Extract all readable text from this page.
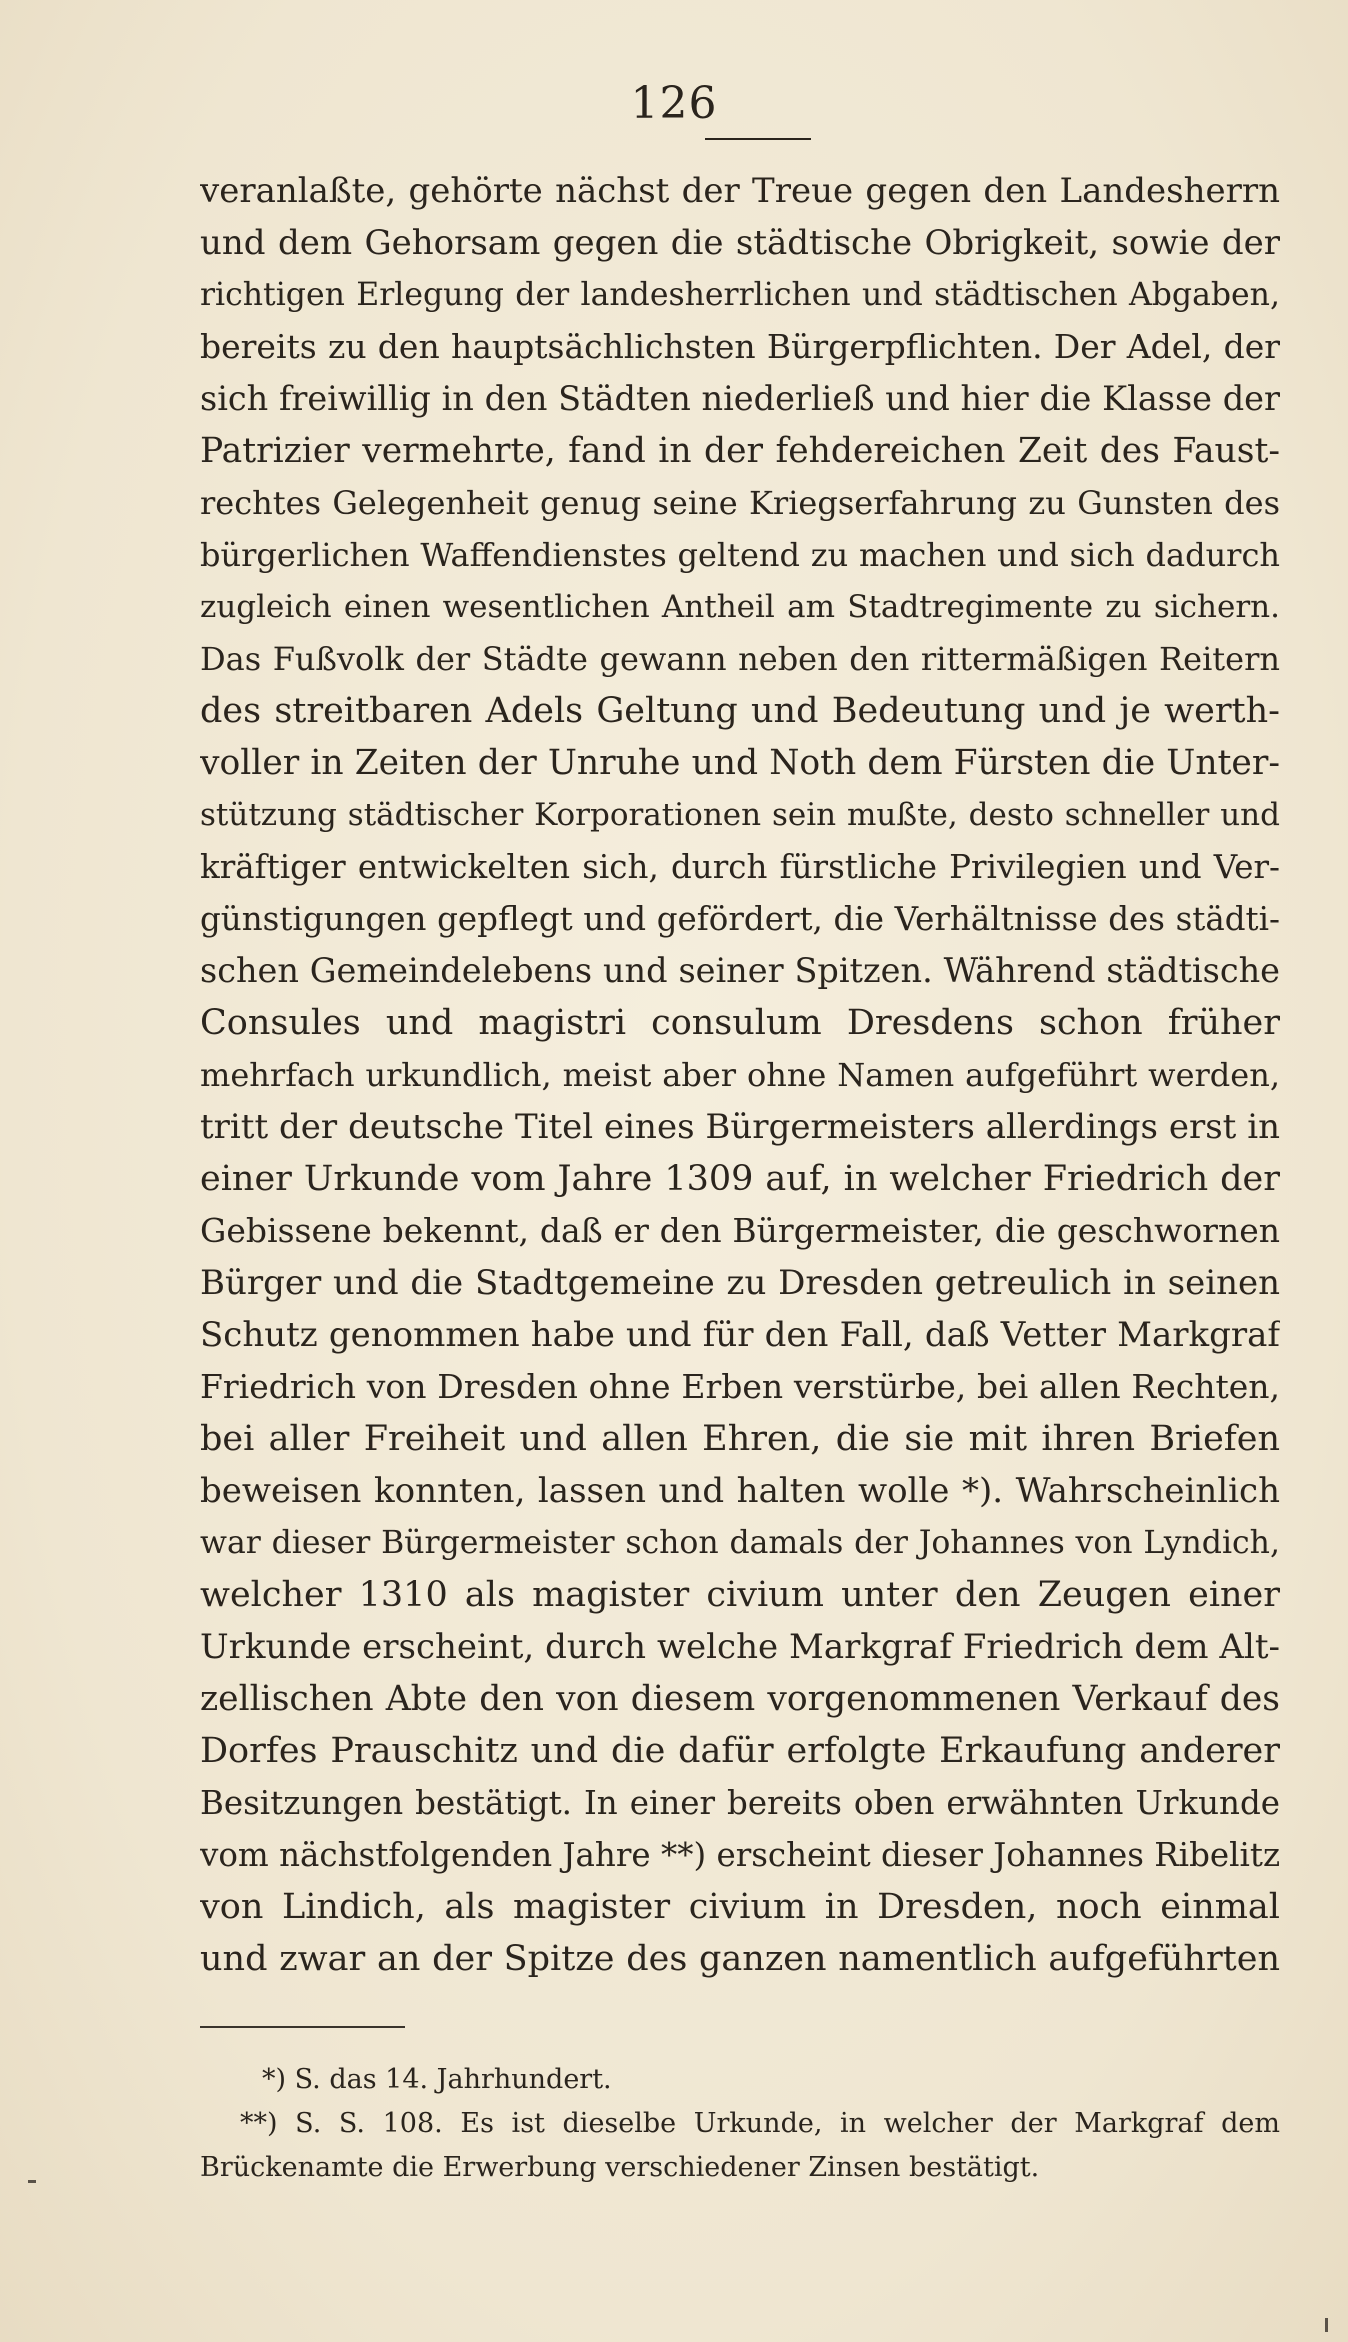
126
veranlaßte, gehörte nächst der Treue gegen den Landesherrn
und dem Gehorsam gegen die städtische Obrigkeit, sowie der
richtigen Erlegung der landesherrlichen und städtischen Abgaben,
bereits zu den hauptsächlichsten Bürgerpflichten. Der Adel, der
sich freiwillig in den Städten niederließ und hier die Klasse der
Patrizier vermehrte, fand in der fehdereichen Zeit des Faust-
rechtes Gelegenheit genug seine Kriegserfahrung zu Gunsten des
bürgerlichen Waffendienstes geltend zu machen und sich dadurch
zugleich einen wesentlichen Antheil am Stadtregimente zu sichern.
Das Fußvolk der Städte gewann neben den rittermäßigen Reitern
des streitbaren Adels Geltung und Bedeutung und je werth-
voller in Zeiten der Unruhe und Noth dem Fürsten die Unter-
stützung städtischer Korporationen sein mußte, desto schneller und
kräftiger entwickelten sich, durch fürstliche Privilegien und Ver-
günstigungen gepflegt und gefördert, die Verhältnisse des städti-
schen Gemeindelebens und seiner Spitzen. Während städtische
Consules und magistri consulum Dresdens schon früher
mehrfach urkundlich, meist aber ohne Namen aufgeführt werden,
tritt der deutsche Titel eines Bürgermeisters allerdings erst in
einer Urkunde vom Jahre 1309 auf, in welcher Friedrich der
Gebissene bekennt, daß er den Bürgermeister, die geschwornen
Bürger und die Stadtgemeine zu Dresden getreulich in seinen
Schutz genommen habe und für den Fall, daß Vetter Markgraf
Friedrich von Dresden ohne Erben verstürbe, bei allen Rechten,
bei aller Freiheit und allen Ehren, die sie mit ihren Briefen
beweisen konnten, lassen und halten wolle *). Wahrscheinlich
war dieser Bürgermeister schon damals der Johannes von Lyndich,
welcher 1310 als magister civium unter den Zeugen einer
Urkunde erscheint, durch welche Markgraf Friedrich dem Alt-
zellischen Abte den von diesem vorgenommenen Verkauf des
Dorfes Prauschitz und die dafür erfolgte Erkaufung anderer
Besitzungen bestätigt. In einer bereits oben erwähnten Urkunde
vom nächstfolgenden Jahre **) erscheint dieser Johannes Ribelitz
von Lindich, als magister civium in Dresden, noch einmal
und zwar an der Spitze des ganzen namentlich aufgeführten
*) S. das 14. Jahrhundert.
**) S. S. 108. Es ist dieselbe Urkunde, in welcher der Markgraf dem
Brückenamte die Erwerbung verschiedener Zinsen bestätigt.
